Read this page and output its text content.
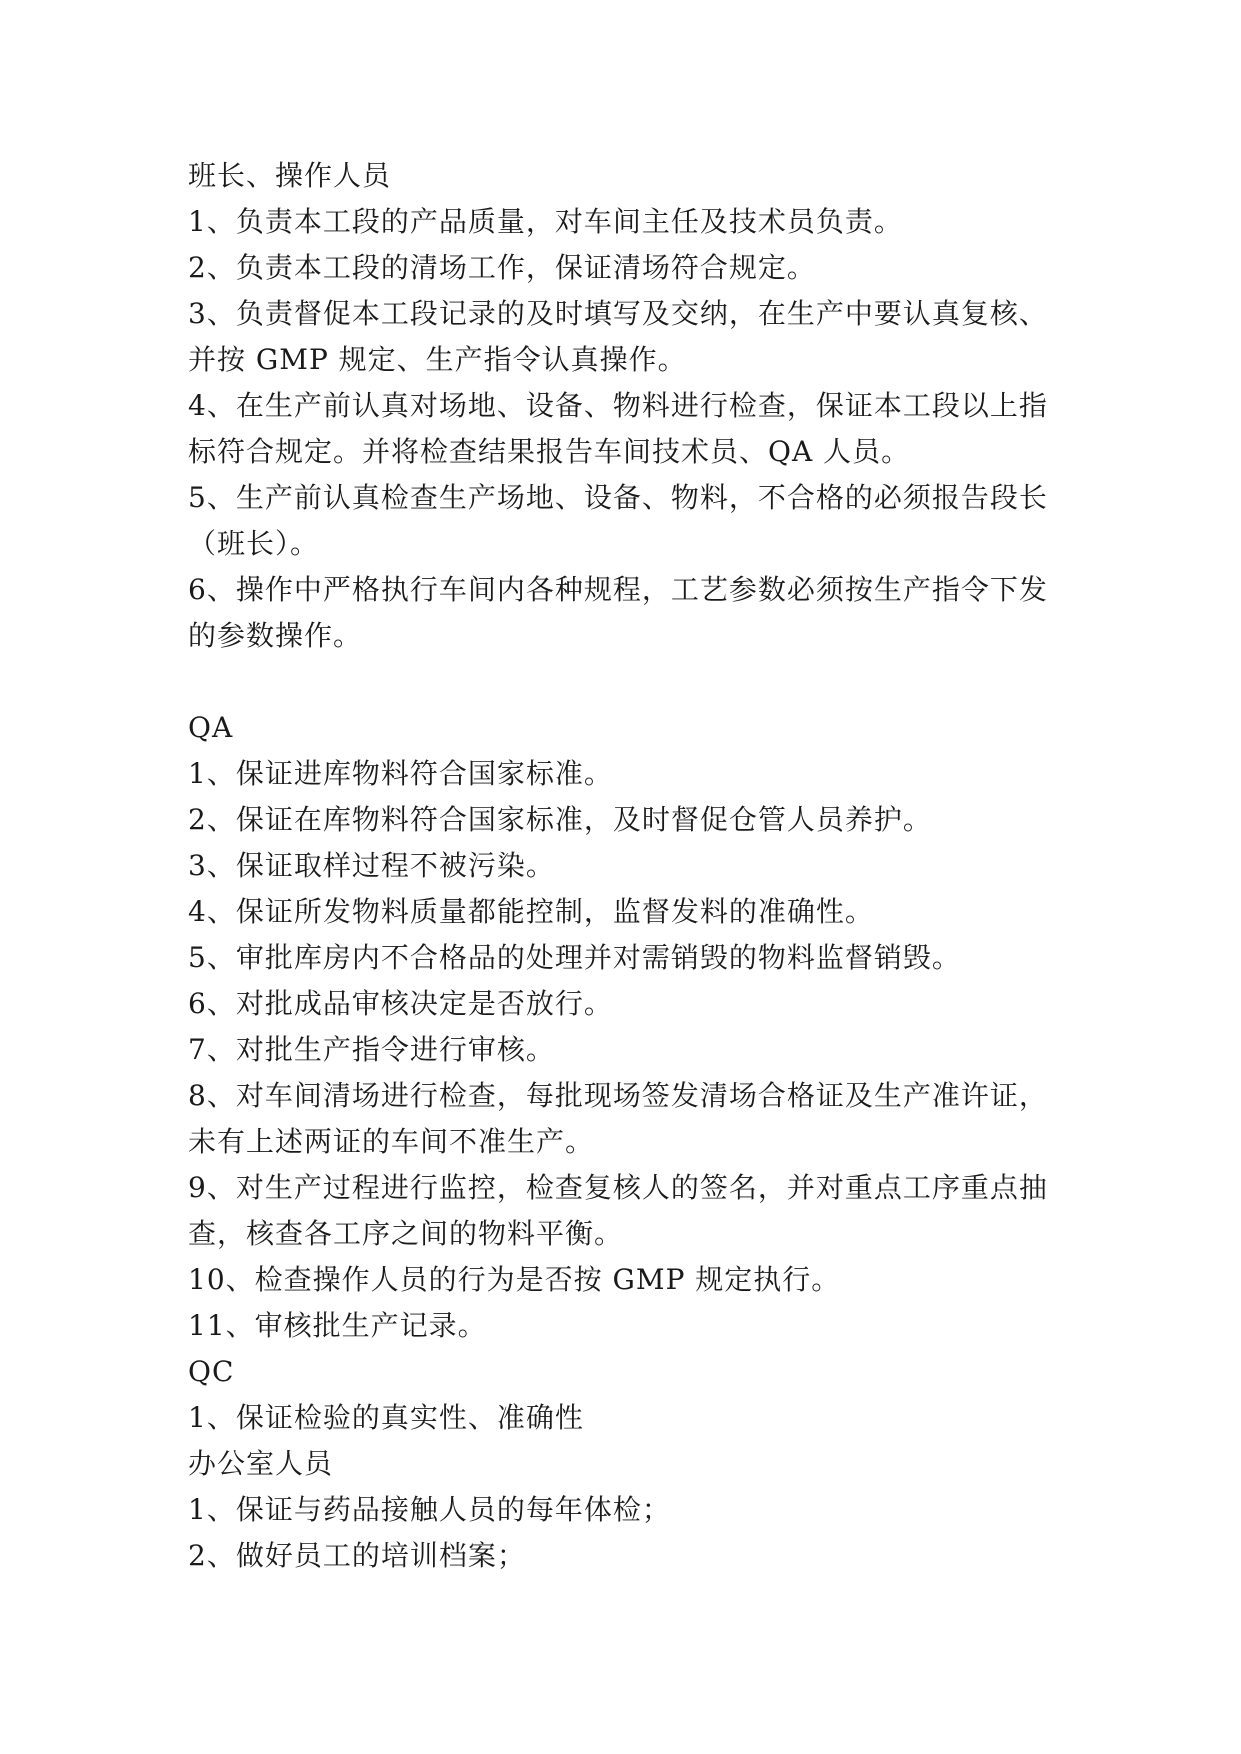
班长、操作人员
1、负责本工段的产品质量，对车间主任及技术员负责。
2、负责本工段的清场工作，保证清场符合规定。
3、负责督促本工段记录的及时填写及交纳，在生产中要认真复核、
并按 GMP 规定、生产指令认真操作。
4、在生产前认真对场地、设备、物料进行检查，保证本工段以上指
标符合规定。并将检查结果报告车间技术员、QA 人员。
5、生产前认真检查生产场地、设备、物料，不合格的必须报告段长
（班长）。
6、操作中严格执行车间内各种规程，工艺参数必须按生产指令下发
的参数操作。
QA
1、保证进库物料符合国家标准。
2、保证在库物料符合国家标准，及时督促仓管人员养护。
3、保证取样过程不被污染。
4、保证所发物料质量都能控制，监督发料的准确性。
5、审批库房内不合格品的处理并对需销毁的物料监督销毁。
6、对批成品审核决定是否放行。
7、对批生产指令进行审核。
8、对车间清场进行检查，每批现场签发清场合格证及生产准许证，
未有上述两证的车间不准生产。
9、对生产过程进行监控，检查复核人的签名，并对重点工序重点抽
查，核查各工序之间的物料平衡。
10、检查操作人员的行为是否按 GMP 规定执行。
11、审核批生产记录。
QC
1、保证检验的真实性、准确性
办公室人员
1、保证与药品接触人员的每年体检；
2、做好员工的培训档案；
